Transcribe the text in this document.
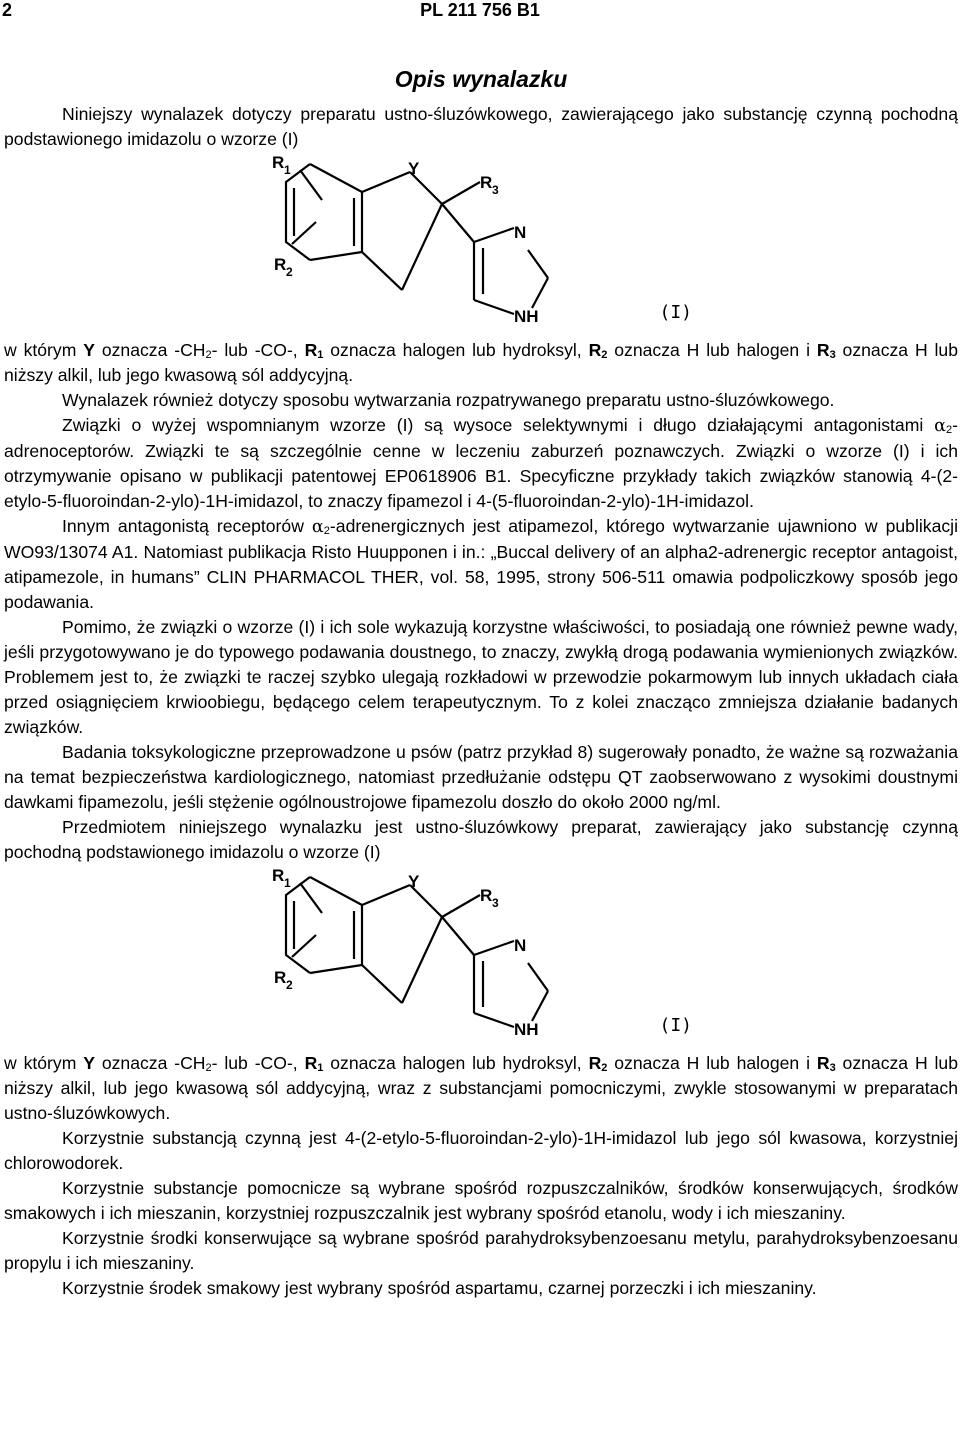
2	PL 211 756 B1
Opis wynalazku

Niniejszy wynalazek dotyczy preparatu ustno-śluzówkowego, zawierającego jako substancję czynną pochodną podstawionego imidazolu o wzorze (I)

R 1
R 2
Y
R 3
N
NH	(I)

w którym Y oznacza $-CH_2-$ lub -CO-, $R_1$ oznacza halogen lub hydroksyl, $R_2$ oznacza H lub halogen i $R_3$ oznacza H lub niższy alkil, lub jego kwasową sól addycyjną.

Wynalazek również dotyczy sposobu wytwarzania rozpatrywanego preparatu ustno-śluzówkowego.

Związki o wyżej wspomnianym wzorze (I) są wysoce selektywnymi i długo działającymi antagonistami $\alpha_2$-adrenoceptorów. Związki te są szczególnie cenne w leczeniu zaburzeń poznawczych. Związki o wzorze (I) i ich otrzymywanie opisano w publikacji patentowej EP0618906 B1. Specyficzne przykłady takich związków stanowią 4-(2-etylo-5-fluoroindan-2-ylo)-1H-imidazol, to znaczy fipamezol i 4-(5-fluoroindan-2-ylo)-1H-imidazol.

Innym antagonistą receptorów $\alpha_2$-adrenergicznych jest atipamezol, którego wytwarzanie ujawniono w publikacji WO93/13074 A1. Natomiast publikacja Risto Huupponen i in.: „Buccal delivery of an alpha2-adrenergic receptor antagoist, atipamezole, in humans” CLIN PHARMACOL THER, vol. 58, 1995, strony 506-511 omawia podpoliczkowy sposób jego podawania.

Pomimo, że związki o wzorze (I) i ich sole wykazują korzystne właściwości, to posiadają one również pewne wady, jeśli przygotowywano je do typowego podawania doustnego, to znaczy, zwykłą drogą podawania wymienionych związków. Problemem jest to, że związki te raczej szybko ulegają rozkładowi w przewodzie pokarmowym lub innych układach ciała przed osiągnięciem krwioobiegu, będącego celem terapeutycznym. To z kolei znacząco zmniejsza działanie badanych związków.

Badania toksykologiczne przeprowadzone u psów (patrz przykład 8) sugerowały ponadto, że ważne są rozważania na temat bezpieczeństwa kardiologicznego, natomiast przedłużanie odstępu QT zaobserwowano z wysokimi doustnymi dawkami fipamezolu, jeśli stężenie ogólnoustrojowe fipamezolu doszło do około 2000 ng/ml.

Przedmiotem niniejszego wynalazku jest ustno-śluzówkowy preparat, zawierający jako substancję czynną pochodną podstawionego imidazolu o wzorze (I)

R 1
R 2
Y
R 3
N
NH	(I)

w którym Y oznacza $-CH_2-$ lub -CO-, $R_1$ oznacza halogen lub hydroksyl, $R_2$ oznacza H lub halogen i $R_3$ oznacza H lub niższy alkil, lub jego kwasową sól addycyjną, wraz z substancjami pomocniczymi, zwykle stosowanymi w preparatach ustno-śluzówkowych.

Korzystnie substancją czynną jest 4-(2-etylo-5-fluoroindan-2-ylo)-1H-imidazol lub jego sól kwasowa, korzystniej chlorowodorek.

Korzystnie substancje pomocnicze są wybrane spośród rozpuszczalników, środków konserwujących, środków smakowych i ich mieszanin, korzystniej rozpuszczalnik jest wybrany spośród etanolu, wody i ich mieszaniny.

Korzystnie środki konserwujące są wybrane spośród parahydroksybenzoesanu metylu, parahydroksybenzoesanu propylu i ich mieszaniny.

Korzystnie środek smakowy jest wybrany spośród aspartamu, czarnej porzeczki i ich mieszaniny.
